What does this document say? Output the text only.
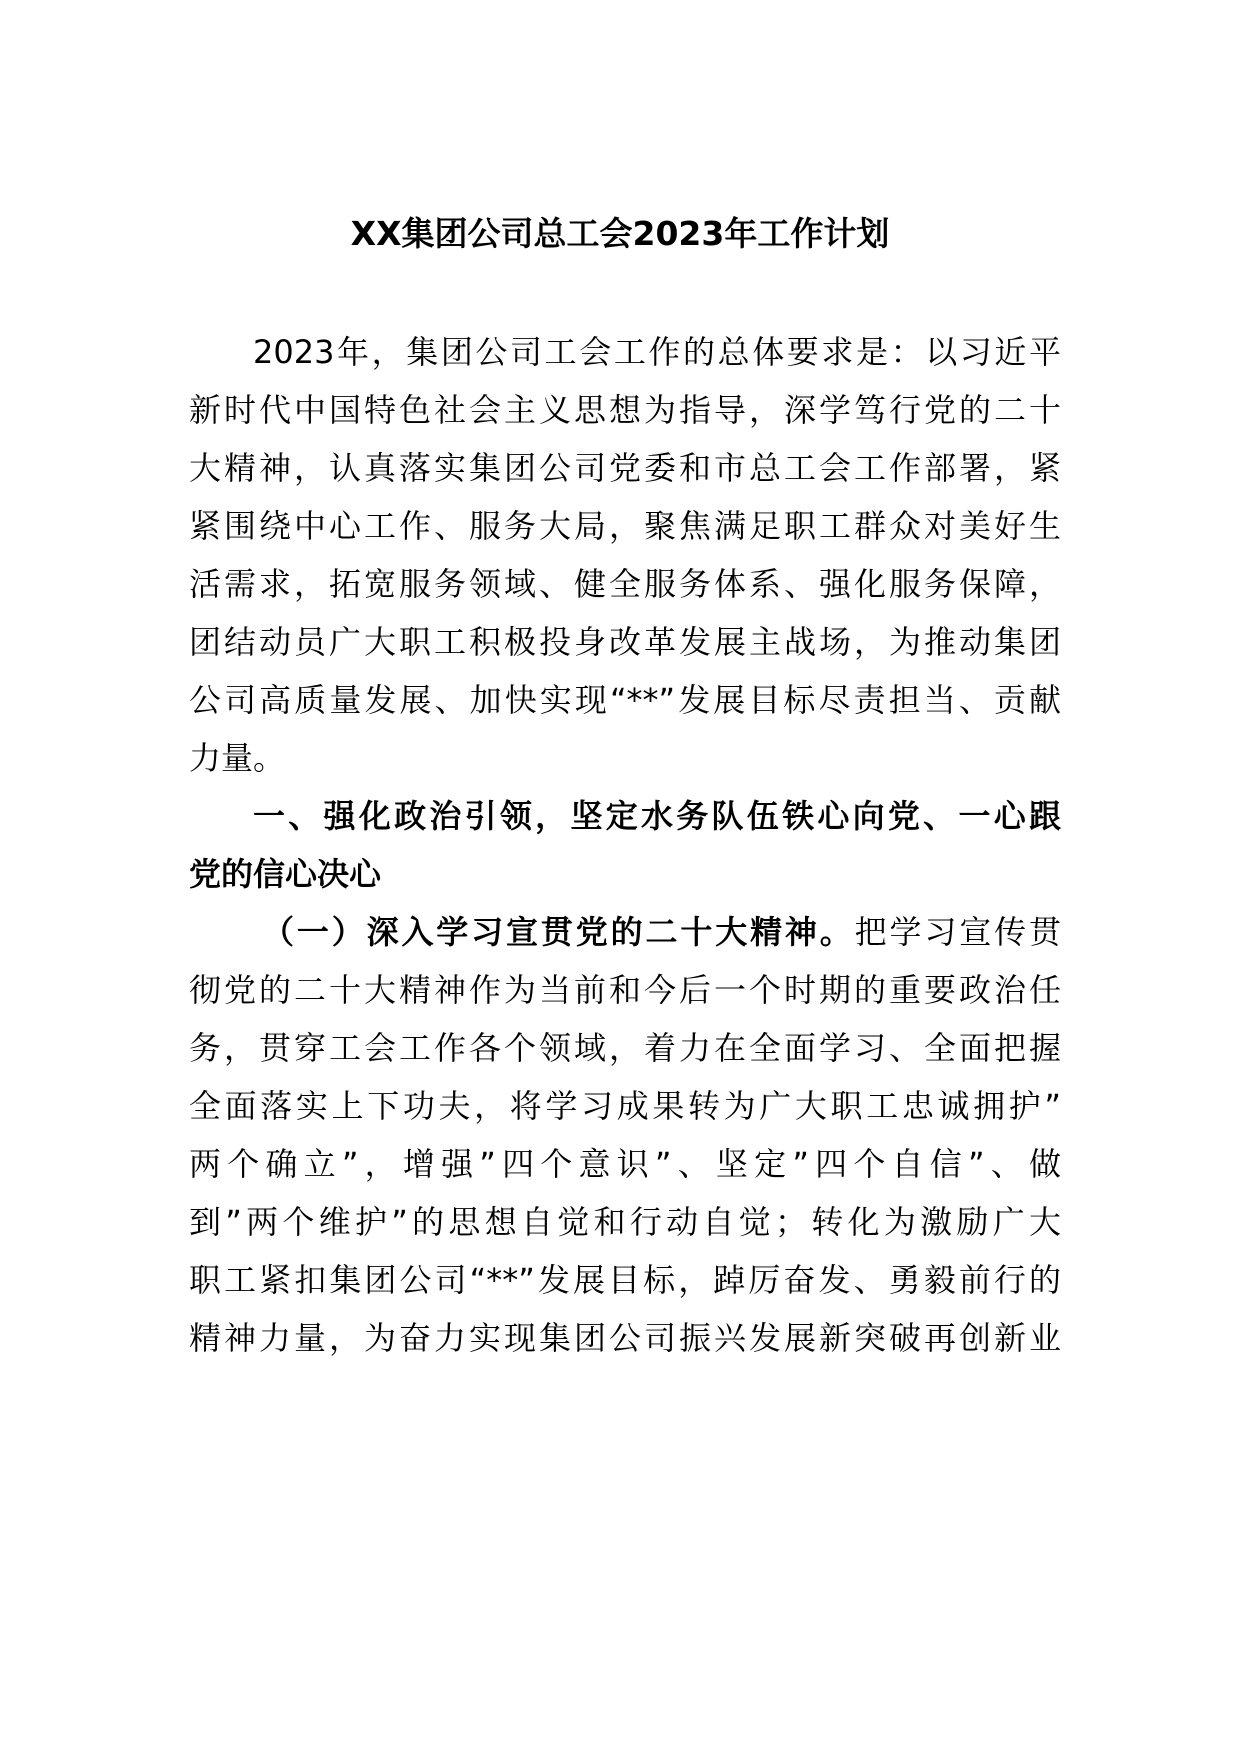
XX集团公司总工会2023年工作计划
2023年，集团公司工会工作的总体要求是：以习近平
新时代中国特色社会主义思想为指导，深学笃行党的二十
大精神，认真落实集团公司党委和市总工会工作部署，紧
紧围绕中心工作、服务大局，聚焦满足职工群众对美好生
活需求，拓宽服务领域、健全服务体系、强化服务保障，
团结动员广大职工积极投身改革发展主战场，为推动集团
公司高质量发展、加快实现“**”发展目标尽责担当、贡献
力量。
一、强化政治引领，坚定水务队伍铁心向党、一心跟
党的信心决心
（一）深入学习宣贯党的二十大精神。把学习宣传贯
彻党的二十大精神作为当前和今后一个时期的重要政治任
务，贯穿工会工作各个领域，着力在全面学习、全面把握
全面落实上下功夫，将学习成果转为广大职工忠诚拥护”
两个确立”，增强”四个意识”、坚定”四个自信”、做
到”两个维护”的思想自觉和行动自觉；转化为激励广大
职工紧扣集团公司“**”发展目标，踔厉奋发、勇毅前行的
精神力量，为奋力实现集团公司振兴发展新突破再创新业
